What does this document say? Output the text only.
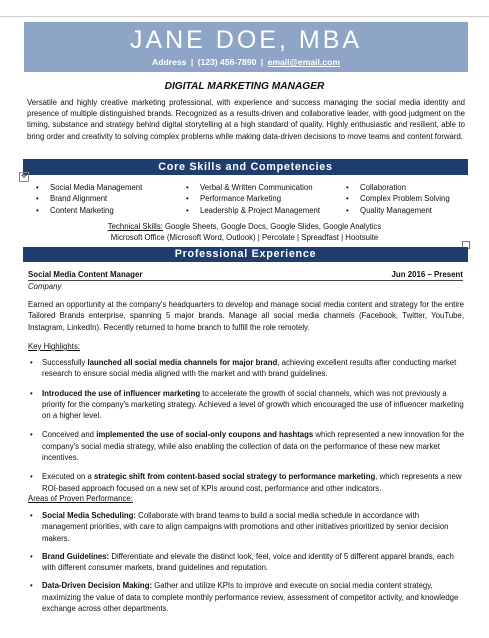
JANE DOE, MBA
Address | (123) 456-7890 | email@email.com
DIGITAL MARKETING MANAGER
Versatile and highly creative marketing professional, with experience and success managing the social media identity and presence of multiple distinguished brands. Recognized as a results-driven and collaborative leader, with good judgment on the timing, substance and strategy behind digital storytelling at a high standard of quality. Highly enthusiastic and resilient, able to bring order and creativity to solving complex problems while making data-driven decisions to move teams and content forward.
Core Skills and Competencies
✥
• Social Media Management
• Brand Alignment
• Content Marketing
• Verbal & Written Communication
• Performance Marketing
• Leadership & Project Management
• Collaboration
• Complex Problem Solving
• Quality Management
Technical Skills: Google Sheets, Google Docs, Google Slides, Google Analytics
Microsoft Office (Microsoft Word, Outlook) | Percolate | Spreadfast | Hootsuite
Professional Experience
Social Media Content Manager	Jun 2016 – Present
Company
Earned an opportunity at the company's headquarters to develop and manage social media content and strategy for the entire Tailored Brands enterprise, spanning 5 major brands. Manage all social media channels (Facebook, Twitter, YouTube, Instagram, LinkedIn). Recently returned to home branch to fulfill the role remotely.
Key Highlights:
• Successfully launched all social media channels for major brand, achieving excellent results after conducting market research to ensure social media aligned with the market and with brand guidelines.
• Introduced the use of influencer marketing to accelerate the growth of social channels, which was not previously a priority for the company's marketing strategy. Achieved a level of growth which encouraged the use of influencer marketing on a higher level.
• Conceived and implemented the use of social-only coupons and hashtags which represented a new innovation for the company's social media strategy, while also enabling the collection of data on the performance of these new market incentives.
• Executed on a strategic shift from content-based social strategy to performance marketing, which represents a new ROI-based approach focused on a new set of KPIs around cost, performance and other indicators.
Areas of Proven Performance:
• Social Media Scheduling: Collaborate with brand teams to build a social media schedule in accordance with management priorities, with care to align campaigns with promotions and other initiatives prioritized by senior decision makers.
• Brand Guidelines: Differentiate and elevate the distinct look, feel, voice and identity of 5 different apparel brands, each with different consumer markets, brand guidelines and reputation.
• Data-Driven Decision Making: Gather and utilize KPIs to improve and execute on social media content strategy, maximizing the value of data to complete monthly performance review, assessment of competitor activity, and knowledge exchange across other departments.
